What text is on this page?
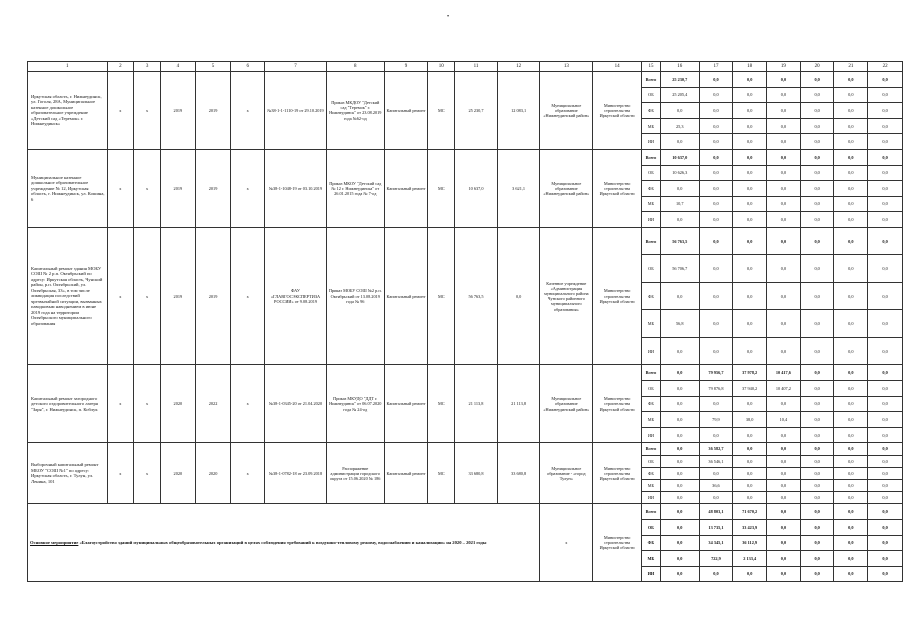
•
1	2	3	4	5	6	7	8	9	10	11	12	13	14	15	16	17	18	19	20	21	22
Иркутская область, г. Нижнеудинск, ул. Гоголя, 28А, Муниципальное казенное дошкольное образовательное учреждение «Детский сад «Теремок» г. Нижнеудинск»	х	х	2019	2019	х	№38-1-1-1110-19 от 29.10.2019	Приказ МКДОУ "Детский сад "Теремок" г. Нижнеудинск" от 23.08.2019 года №62-од	Капитальный ремонт	МС	25 230,7	12 083,1	Муниципальное образование «Нижнеудинский район»	Министерство строительства Иркутской области	Всего	25 230,7	0,0	0,0	0,0	0,0	0,0	0,0
														ОБ	25 205,4	0,0	0,0	0,0	0,0	0,0	0,0
														ФБ	0,0	0,0	0,0	0,0	0,0	0,0	0,0
														МБ	25,3	0,0	0,0	0,0	0,0	0,0	0,0
														ИИ	0,0	0,0	0,0	0,0	0,0	0,0	0,0
Муниципальное казенное дошкольное образовательное учреждение № 12, Иркутская область, г. Нижнеудинск, ул. Кошина, 6	х	х	2019	2019	х	№38-1-1048-19 от 03.10.2019	Приказ МКОУ "Детский сад № 12 г. Нижнеудинска" от 26.01.2015 года № 7-од	Капитальный ремонт	МС	10 637,0	3 621,1	Муниципальное образование «Нижнеудинский район»	Министерство строительства Иркутской области	Всего	10 637,0	0,0	0,0	0,0	0,0	0,0	0,0
														ОБ	10 626,3	0,0	0,0	0,0	0,0	0,0	0,0
														ФБ	0,0	0,0	0,0	0,0	0,0	0,0	0,0
														МБ	10,7	0,0	0,0	0,0	0,0	0,0	0,0
														ИИ	0,0	0,0	0,0	0,0	0,0	0,0	0,0
Капитальный ремонт здания МОБУ СОШ № 2 р.п. Октябрьский по адресу: Иркутская область, Чунский район, р.п. Октябрьский, ул. Октябрьская, 33», в том числе ликвидация последствий чрезвычайной ситуации, вызванных паводковым наводнением в июне 2019 года на территории Октябрьского муниципального образования	х	х	2019	2019	х	ФАУ «ГЛАВГОСЭКСПЕРТИЗА РОССИИ» от 9.08.2019	Приказ МОБУ СОШ №2 р.п. Октябрьский от 13.08.2019 года № 96	Капитальный ремонт	МС	56 763,5	0,0	Казенное учреждение «Администрация муниципального района Чунского районного муниципального образования»	Министерство строительства Иркутской области	Всего	56 763,5	0,0	0,0	0,0	0,0	0,0	0,0
														ОБ	56 706,7	0,0	0,0	0,0	0,0	0,0	0,0
														ФБ	0,0	0,0	0,0	0,0	0,0	0,0	0,0
														МБ	56,8	0,0	0,0	0,0	0,0	0,0	0,0
														ИИ	0,0	0,0	0,0	0,0	0,0	0,0	0,0
Капитальный ремонт загородного детского оздоровительного лагеря "Заря", г. Нижнеудинск, п. Коблук	х	х	2020	2022	х	№38-1-0345-20 от 21.04.2020	Приказ МКУДО "ДДТ г. Нижнеудинск" от 06.07.2020 года № 24-од	Капитальный ремонт	МС	21 113,8	21 113,8	Муниципальное образование «Нижнеудинский район»	Министерство строительства Иркутской области	Всего	0,0	79 956,7	37 978,2	10 417,6	0,0	0,0	0,0
														ОБ	0,0	79 876,8	37 940,2	10 407,2	0,0	0,0	0,0
														ФБ	0,0	0,0	0,0	0,0	0,0	0,0	0,0
														МБ	0,0	79,9	38,0	10,4	0,0	0,0	0,0
														ИИ	0,0	0,0	0,0	0,0	0,0	0,0	0,0
Выборочный капитальный ремонт МБОУ "СОШ №1" по адресу: Иркутская область, г. Тулун, ул. Ленина, 101	х	х	2020	2020	х	№38-1-0782-18 от 23.09.2018	Распоряжение администрации городского округа от 15.06.2020 № 186	Капитальный ремонт	МС	33 680,8	33 680,8	Муниципальное образование - «город Тулун»	Министерство строительства Иркутской области	Всего	0,0	36 582,7	0,0	0,0	0,0	0,0	0,0
														ОБ	0,0	36 546,1	0,0	0,0	0,0	0,0	0,0
														ФБ	0,0	0,0	0,0	0,0	0,0	0,0	0,0
														МБ	0,0	36,6	0,0	0,0	0,0	0,0	0,0
														ИИ	0,0	0,0	0,0	0,0	0,0	0,0	0,0
Основное мероприятие «Благоустройство зданий муниципальных общеобразовательных организаций в целях соблюдения требований к воздушно-тепловому режиму, водоснабжению и канализации» на 2020 – 2021 годы												х	Министерство строительства Иркутской области	Всего	0,0	48 803,1	71 670,2	0,0	0,0	0,0	0,0
														ОБ	0,0	13 735,1	33 423,9	0,0	0,0	0,0	0,0
														ФБ	0,0	34 345,1	36 112,9	0,0	0,0	0,0	0,0
														МБ	0,0	722,9	2 133,4	0,0	0,0	0,0	0,0
														ИИ	0,0	0,0	0,0	0,0	0,0	0,0	0,0
